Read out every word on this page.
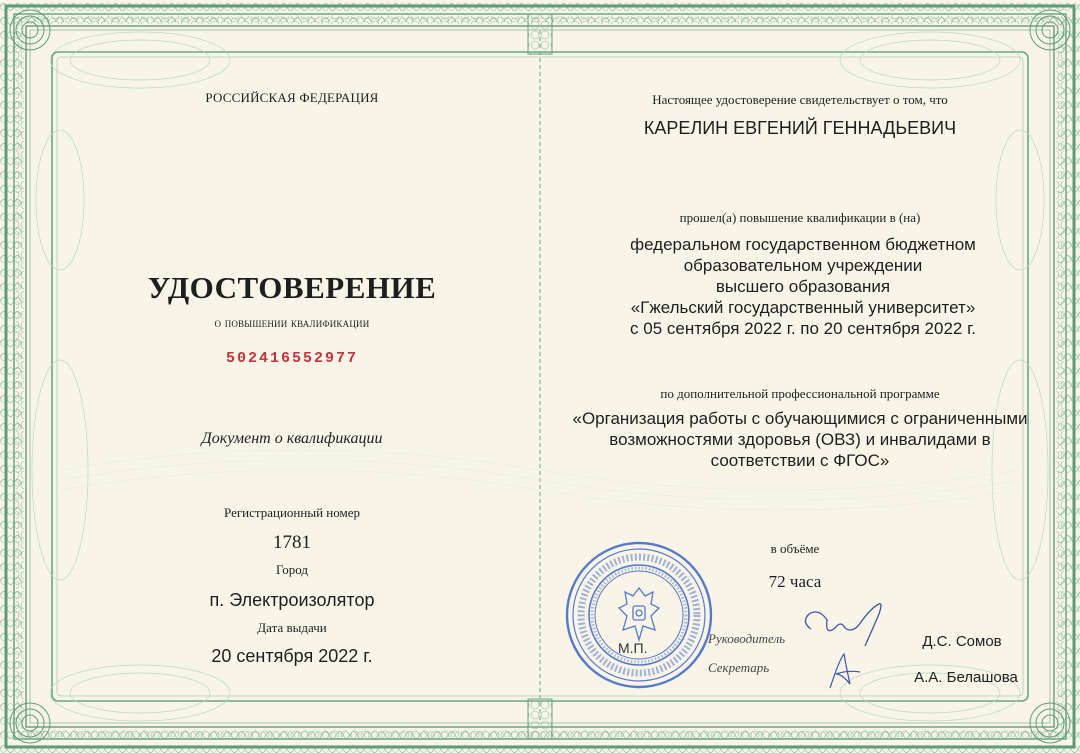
РОССИЙСКАЯ ФЕДЕРАЦИЯ
УДОСТОВЕРЕНИЕ
о повышении квалификации
502416552977
Документ о квалификации
Регистрационный номер
1781
Город
п. Электроизолятор
Дата выдачи
20 сентября 2022 г.
Настоящее удостоверение свидетельствует о том, что
КАРЕЛИН ЕВГЕНИЙ ГЕННАДЬЕВИЧ
прошел(а) повышение квалификации в (на)
федеральном государственном бюджетном
образовательном учреждении
высшего образования
«Гжельский государственный университет»
с 05 сентября 2022 г. по 20 сентября 2022 г.
по дополнительной профессиональной программе
«Организация работы с обучающимися с ограниченными
возможностями здоровья (ОВЗ) и инвалидами в
соответствии с ФГОС»
в объёме
72 часа
М.П.
Руководитель
Секретарь
Д.С. Сомов
А.А. Белашова
